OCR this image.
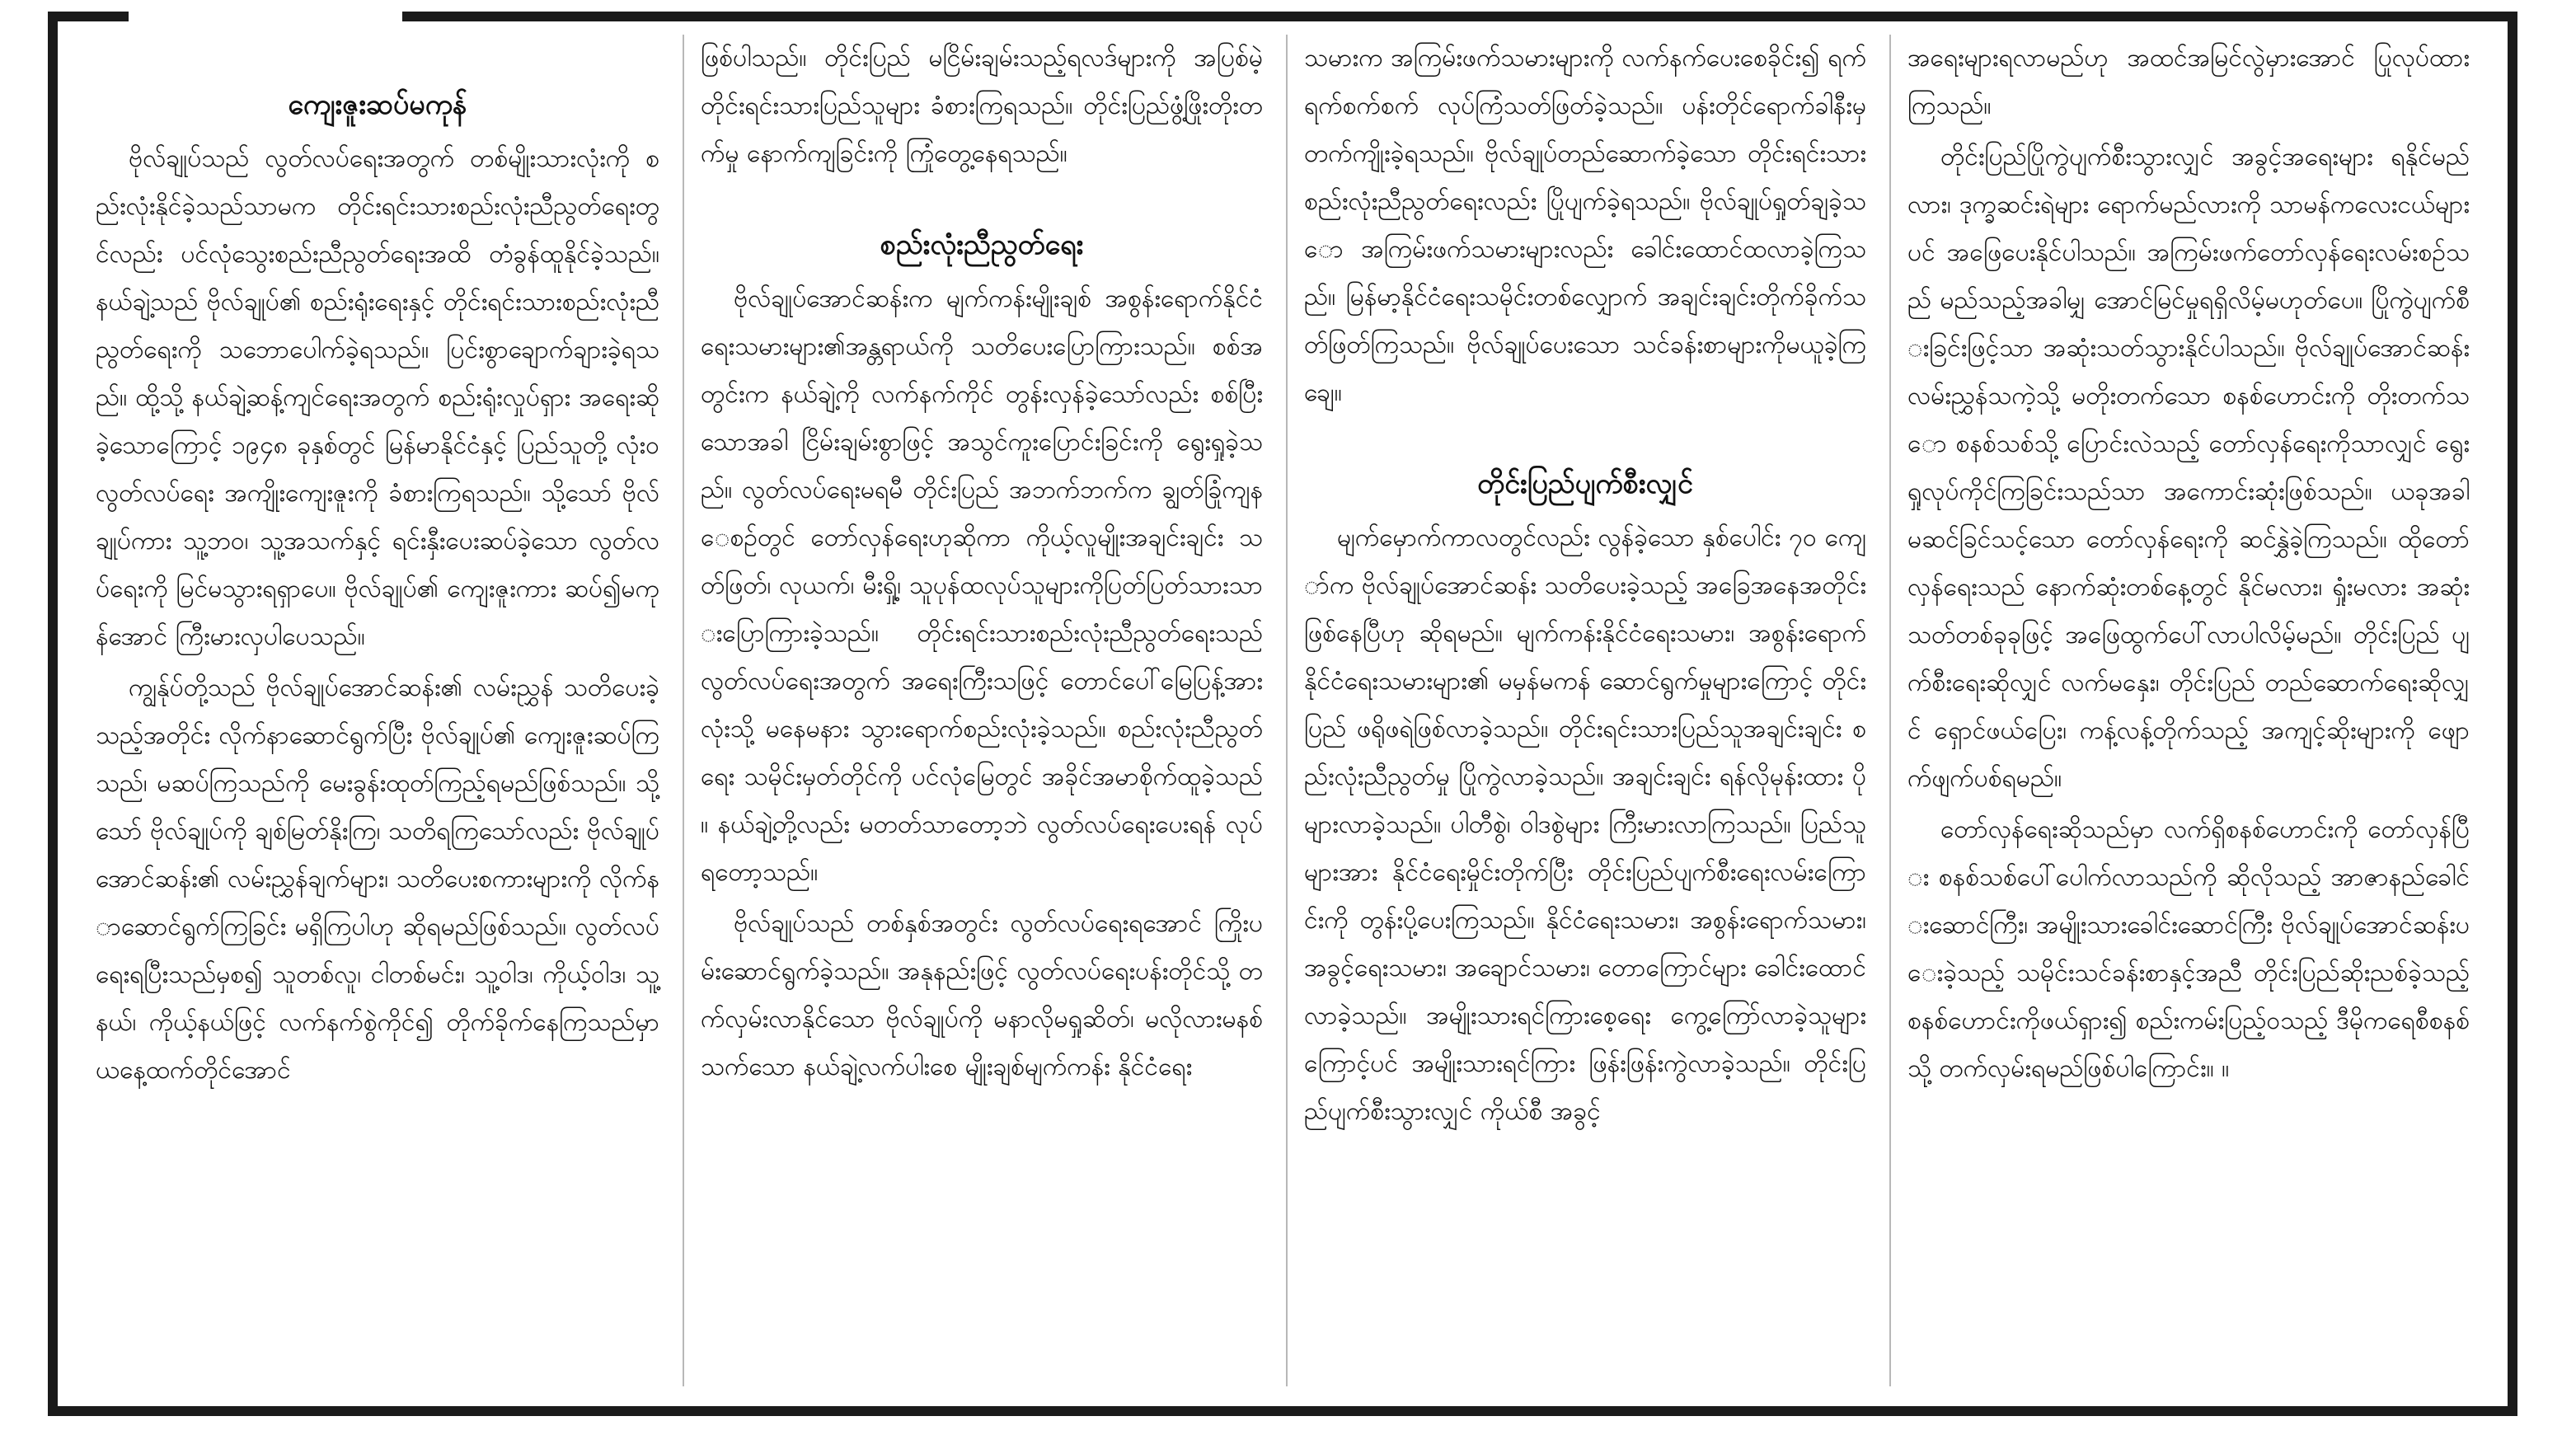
ကျေးဇူးဆပ်မကုန်

ဗိုလ်ချုပ်သည် လွတ်လပ်ရေးအတွက် တစ်မျိုးသားလုံးကို စည်းလုံးနိုင်ခဲ့သည်သာမက တိုင်းရင်းသားစည်းလုံးညီညွတ်ရေးတွင်လည်း ပင်လုံသွေးစည်းညီညွတ်ရေးအထိ တံခွန်ထူနိုင်ခဲ့သည်။ နယ်ချဲ့သည် ဗိုလ်ချုပ်၏ စည်းရုံးရေးနှင့် တိုင်းရင်းသားစည်းလုံးညီညွတ်ရေးကို သဘောပေါက်ခဲ့ရသည်။ ပြင်းစွာချောက်ချားခဲ့ရသည်။ ထို့သို့ နယ်ချဲ့ဆန့်ကျင်ရေးအတွက် စည်းရုံးလှုပ်ရှား အရေးဆိုခဲ့သောကြောင့် ၁၉၄၈ ခုနှစ်တွင် မြန်မာနိုင်ငံနှင့် ပြည်သူတို့ လုံးဝ လွတ်လပ်ရေး အကျိုးကျေးဇူးကို ခံစားကြရသည်။ သို့သော် ဗိုလ်ချုပ်ကား သူ့ဘဝ၊ သူ့အသက်နှင့် ရင်းနှီးပေးဆပ်ခဲ့သော လွတ်လပ်ရေးကို မြင်မသွားရရှာပေ။ ဗိုလ်ချုပ်၏ ကျေးဇူးကား ဆပ်၍မကုန်အောင် ကြီးမားလှပါပေသည်။

ကျွန်ုပ်တို့သည် ဗိုလ်ချုပ်အောင်ဆန်း၏ လမ်းညွှန် သတိပေးခဲ့သည့်အတိုင်း လိုက်နာဆောင်ရွက်ပြီး ဗိုလ်ချုပ်၏ ကျေးဇူးဆပ်ကြသည်၊ မဆပ်ကြသည်ကို မေးခွန်းထုတ်ကြည့်ရမည်ဖြစ်သည်။ သို့သော် ဗိုလ်ချုပ်ကို ချစ်မြတ်နိုးကြ၊ သတိရကြသော်လည်း ဗိုလ်ချုပ်အောင်ဆန်း၏ လမ်းညွှန်ချက်များ၊ သတိပေးစကားများကို လိုက်နာဆောင်ရွက်ကြခြင်း မရှိကြပါဟု ဆိုရမည်ဖြစ်သည်။ လွတ်လပ်ရေးရပြီးသည်မှစ၍ သူတစ်လူ၊ ငါတစ်မင်း၊ သူ့ဝါဒ၊ ကိုယ့်ဝါဒ၊ သူ့နယ်၊ ကိုယ့်နယ်ဖြင့် လက်နက်စွဲကိုင်၍ တိုက်ခိုက်နေကြသည်မှာ ယနေ့ထက်တိုင်အောင်

ဖြစ်ပါသည်။ တိုင်းပြည် မငြိမ်းချမ်းသည့်ရလဒ်များကို အပြစ်မဲ့ တိုင်းရင်းသားပြည်သူများ ခံစားကြရသည်။ တိုင်းပြည်ဖွံ့ဖြိုးတိုးတက်မှု နောက်ကျခြင်းကို ကြုံတွေ့နေရသည်။

စည်းလုံးညီညွတ်ရေး

ဗိုလ်ချုပ်အောင်ဆန်းက မျက်ကန်းမျိုးချစ် အစွန်းရောက်နိုင်ငံရေးသမားများ၏အန္တရာယ်ကို သတိပေးပြောကြားသည်။ စစ်အတွင်းက နယ်ချဲ့ကို လက်နက်ကိုင် တွန်းလှန်ခဲ့သော်လည်း စစ်ပြီးသောအခါ ငြိမ်းချမ်းစွာဖြင့် အသွင်ကူးပြောင်းခြင်းကို ရွေးရှုခဲ့သည်။ လွတ်လပ်ရေးမရမီ တိုင်းပြည် အဘက်ဘက်က ချွတ်ခြုံကျနေစဉ်တွင် တော်လှန်ရေးဟုဆိုကာ ကိုယ့်လူမျိုးအချင်းချင်း သတ်ဖြတ်၊ လုယက်၊ မီးရှို့၊ သူပုန်ထလုပ်သူများကိုပြတ်ပြတ်သားသားပြောကြားခဲ့သည်။ တိုင်းရင်းသားစည်းလုံးညီညွတ်ရေးသည် လွတ်လပ်ရေးအတွက် အရေးကြီးသဖြင့် တောင်ပေါ်မြေပြန့်အားလုံးသို့ မနေမနား သွားရောက်စည်းလုံးခဲ့သည်။ စည်းလုံးညီညွတ်ရေး သမိုင်းမှတ်တိုင်ကို ပင်လုံမြေတွင် အခိုင်အမာစိုက်ထူခဲ့သည်။ နယ်ချဲ့တို့လည်း မတတ်သာတော့ဘဲ လွတ်လပ်ရေးပေးရန် လုပ်ရတော့သည်။

ဗိုလ်ချုပ်သည် တစ်နှစ်အတွင်း လွတ်လပ်ရေးရအောင် ကြိုးပမ်းဆောင်ရွက်ခဲ့သည်။ အနုနည်းဖြင့် လွတ်လပ်ရေးပန်းတိုင်သို့ တက်လှမ်းလာနိုင်သော ဗိုလ်ချုပ်ကို မနာလိုမရှုဆိတ်၊ မလိုလားမနစ်သက်သော နယ်ချဲ့လက်ပါးစေ မျိုးချစ်မျက်ကန်း နိုင်ငံရေး

သမားက အကြမ်းဖက်သမားများကို လက်နက်ပေးစေခိုင်း၍ ရက်ရက်စက်စက် လုပ်ကြံသတ်ဖြတ်ခဲ့သည်။ ပန်းတိုင်ရောက်ခါနီးမှ တက်ကျိုးခဲ့ရသည်။ ဗိုလ်ချုပ်တည်ဆောက်ခဲ့သော တိုင်းရင်းသားစည်းလုံးညီညွတ်ရေးလည်း ပြိုပျက်ခဲ့ရသည်။ ဗိုလ်ချုပ်ရှုတ်ချခဲ့သော အကြမ်းဖက်သမားများလည်း ခေါင်းထောင်ထလာခဲ့ကြသည်။ မြန်မာ့နိုင်ငံရေးသမိုင်းတစ်လျှောက် အချင်းချင်းတိုက်ခိုက်သတ်ဖြတ်ကြသည်။ ဗိုလ်ချုပ်ပေးသော သင်ခန်းစာများကိုမယူခဲ့ကြချေ။

တိုင်းပြည်ပျက်စီးလျှင်

မျက်မှောက်ကာလတွင်လည်း လွန်ခဲ့သော နှစ်ပေါင်း ၇၀ ကျော်က ဗိုလ်ချုပ်အောင်ဆန်း သတိပေးခဲ့သည့် အခြေအနေအတိုင်း ဖြစ်နေပြီဟု ဆိုရမည်။ မျက်ကန်းနိုင်ငံရေးသမား၊ အစွန်းရောက် နိုင်ငံရေးသမားများ၏ မမှန်မကန် ဆောင်ရွက်မှုများကြောင့် တိုင်းပြည် ဖရိုဖရဲဖြစ်လာခဲ့သည်။ တိုင်းရင်းသားပြည်သူအချင်းချင်း စည်းလုံးညီညွတ်မှု ပြိုကွဲလာခဲ့သည်။ အချင်းချင်း ရန်လိုမုန်းထား ပိုများလာခဲ့သည်။ ပါတီစွဲ၊ ဝါဒစွဲများ ကြီးမားလာကြသည်။ ပြည်သူများအား နိုင်ငံရေးမှိုင်းတိုက်ပြီး တိုင်းပြည်ပျက်စီးရေးလမ်းကြောင်းကို တွန်းပို့ပေးကြသည်။ နိုင်ငံရေးသမား၊ အစွန်းရောက်သမား၊ အခွင့်ရေးသမား၊ အချောင်သမား၊ တောကြောင်များ ခေါင်းထောင်လာခဲ့သည်။ အမျိုးသားရင်ကြားစေ့ရေး ကွေ့ကြော်လာခဲ့သူများကြောင့်ပင် အမျိုးသားရင်ကြား ဖြန်းဖြန်းကွဲလာခဲ့သည်။ တိုင်းပြည်ပျက်စီးသွားလျှင် ကိုယ်စီ အခွင့်

အရေးများရလာမည်ဟု အထင်အမြင်လွဲမှားအောင် ပြုလုပ်ထားကြသည်။

တိုင်းပြည်ပြိုကွဲပျက်စီးသွားလျှင် အခွင့်အရေးများ ရနိုင်မည်လား၊ ဒုက္ခဆင်းရဲများ ရောက်မည်လားကို သာမန်ကလေးငယ်များပင် အဖြေပေးနိုင်ပါသည်။ အကြမ်းဖက်တော်လှန်ရေးလမ်းစဉ်သည် မည်သည့်အခါမျှ အောင်မြင်မှုရရှိလိမ့်မဟုတ်ပေ။ ပြိုကွဲပျက်စီးခြင်းဖြင့်သာ အဆုံးသတ်သွားနိုင်ပါသည်။ ဗိုလ်ချုပ်အောင်ဆန်း လမ်းညွှန်သကဲ့သို့ မတိုးတက်သော စနစ်ဟောင်းကို တိုးတက်သော စနစ်သစ်သို့ ပြောင်းလဲသည့် တော်လှန်ရေးကိုသာလျှင် ရွေးရှုလုပ်ကိုင်ကြခြင်းသည်သာ အကောင်းဆုံးဖြစ်သည်။ ယခုအခါ မဆင်ခြင်သင့်သော တော်လှန်ရေးကို ဆင်နွှဲခဲ့ကြသည်။ ထိုတော်လှန်ရေးသည် နောက်ဆုံးတစ်နေ့တွင် နိုင်မလား၊ ရှုံးမလား အဆုံးသတ်တစ်ခုခုဖြင့် အဖြေထွက်ပေါ်လာပါလိမ့်မည်။ တိုင်းပြည် ပျက်စီးရေးဆိုလျှင် လက်မနှေး၊ တိုင်းပြည် တည်ဆောက်ရေးဆိုလျှင် ရှောင်ဖယ်ပြေး၊ ကန့်လန့်တိုက်သည့် အကျင့်ဆိုးများကို ဖျောက်ဖျက်ပစ်ရမည်။

တော်လှန်ရေးဆိုသည်မှာ လက်ရှိစနစ်ဟောင်းကို တော်လှန်ပြီး စနစ်သစ်ပေါ်ပေါက်လာသည်ကို ဆိုလိုသည့် အာဇာနည်ခေါင်းဆောင်ကြီး၊ အမျိုးသားခေါင်းဆောင်ကြီး ဗိုလ်ချုပ်အောင်ဆန်းပေးခဲ့သည့် သမိုင်းသင်ခန်းစာနှင့်အညီ တိုင်းပြည်ဆိုးညစ်ခဲ့သည့် စနစ်ဟောင်းကိုဖယ်ရှား၍ စည်းကမ်းပြည့်ဝသည့် ဒီမိုကရေစီစနစ်သို့ တက်လှမ်းရမည်ဖြစ်ပါကြောင်း။ ။
